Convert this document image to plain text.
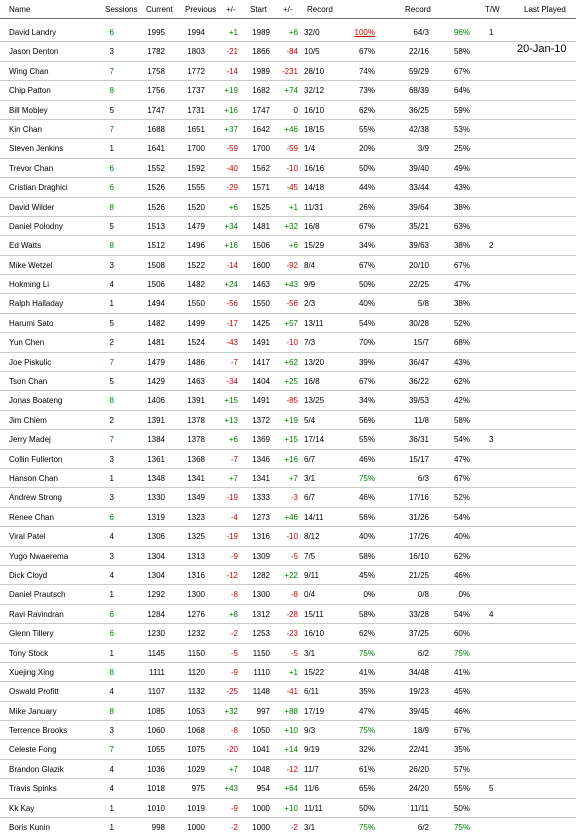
Name	Sessions Current Previous +/- Start +/- Record	Record	T/W	Last Played
20-Jan-10
David Landry	6	1995	1994	+1	1989	+6 32/0	100%	64/3	96% 1
Jason Denton	3	1782	1803	-21	1866	-84 10/5	67%	22/16	58%
Wing Chan	7	1758	1772	-14	1989	-231 28/10	74%	59/29	67%
Chip Patton	8	1756	1737	+19	1682	+74 32/12	73%	68/39	64%
Bill Mobley	5	1747	1731	+16	1747	0 16/10	62%	36/25	59%
Kin Chan	7	1688	1651	+37	1642	+46 18/15	55%	42/38	53%
Steven Jenkins	1	1641	1700	-59	1700	-59 1/4	20%	3/9	25%
Trevor Chan	6	1552	1592	-40	1562	-10 16/16	50%	39/40	49%
Cristian Draghici	6	1526	1555	-29	1571	-45 14/18	44%	33/44	43%
David Wilder	8	1526	1520	+6	1525	+1 11/31	26%	39/64	38%
Daniel Polodny	5	1513	1479	+34	1481	+32 16/8	67%	35/21	63%
Ed Watts	8	1512	1496	+16	1506	+6 15/29	34%	39/63	38% 2
Mike Wetzel	3	1508	1522	-14	1600	-92 8/4	67%	20/10	67%
Hokming Li	4	1506	1482	+24	1463	+43 9/9	50%	22/25	47%
Ralph Halladay	1	1494	1550	-56	1550	-56 2/3	40%	5/8	38%
Harumi Sato	5	1482	1499	-17	1425	+57 13/11	54%	30/28	52%
Yun Chen	2	1481	1524	-43	1491	-10 7/3	70%	15/7	68%
Joe Piskulic	7	1479	1486	-7	1417	+62 13/20	39%	36/47	43%
Tson Chan	5	1429	1463	-34	1404	+25 16/8	67%	36/22	62%
Jonas Boateng	8	1406	1391	+15	1491	-85 13/25	34%	39/53	42%
Jim Chiem	2	1391	1378	+13	1372	+19 5/4	56%	11/8	58%
Jerry Madej	7	1384	1378	+6	1369	+15 17/14	55%	36/31	54% 3
Collin Fullerton	3	1361	1368	-7	1346	+16 6/7	46%	15/17	47%
Hanson Chan	1	1348	1341	+7	1341	+7 3/1	75%	6/3	67%
Andrew Strong	3	1330	1349	-19	1333	-3 6/7	46%	17/16	52%
Renee Chan	6	1319	1323	-4	1273	+46 14/11	56%	31/26	54%
Viral Patel	4	1306	1325	-19	1316	-10 8/12	40%	17/26	40%
Yugo Nwaerema	3	1304	1313	-9	1309	-5 7/5	58%	16/10	62%
Dick Cloyd	4	1304	1316	-12	1282	+22 9/11	45%	21/25	46%
Daniel Prautsch	1	1292	1300	-8	1300	-8 0/4	0%	0/8	0%
Ravi Ravindran	6	1284	1276	+8	1312	-28 15/11	58%	33/28	54% 4
Glenn Tillery	6	1230	1232	-2	1253	-23 16/10	62%	37/25	60%
Tony Stock	1	1145	1150	-5	1150	-5 3/1	75%	6/2	75%
Xuejing Xing	8	1111	1120	-9	1110	+1 15/22	41%	34/48	41%
Oswald Profitt	4	1107	1132	-25	1148	-41 6/11	35%	19/23	45%
Mike January	8	1085	1053	+32	997	+88 17/19	47%	39/45	46%
Terrence Brooks	3	1060	1068	-8	1050	+10 9/3	75%	18/9	67%
Celeste Fong	7	1055	1075	-20	1041	+14 9/19	32%	22/41	35%
Brandon Glazik	4	1036	1029	+7	1048	-12 11/7	61%	26/20	57%
Travis Spinks	4	1018	975	+43	954	+64 11/6	65%	24/20	55% 5
Kk Kay	1	1010	1019	-9	1000	+10 11/11	50%	11/11	50%
Boris Kunin	1	998	1000	-2	1000	-2 3/1	75%	6/2	75%
